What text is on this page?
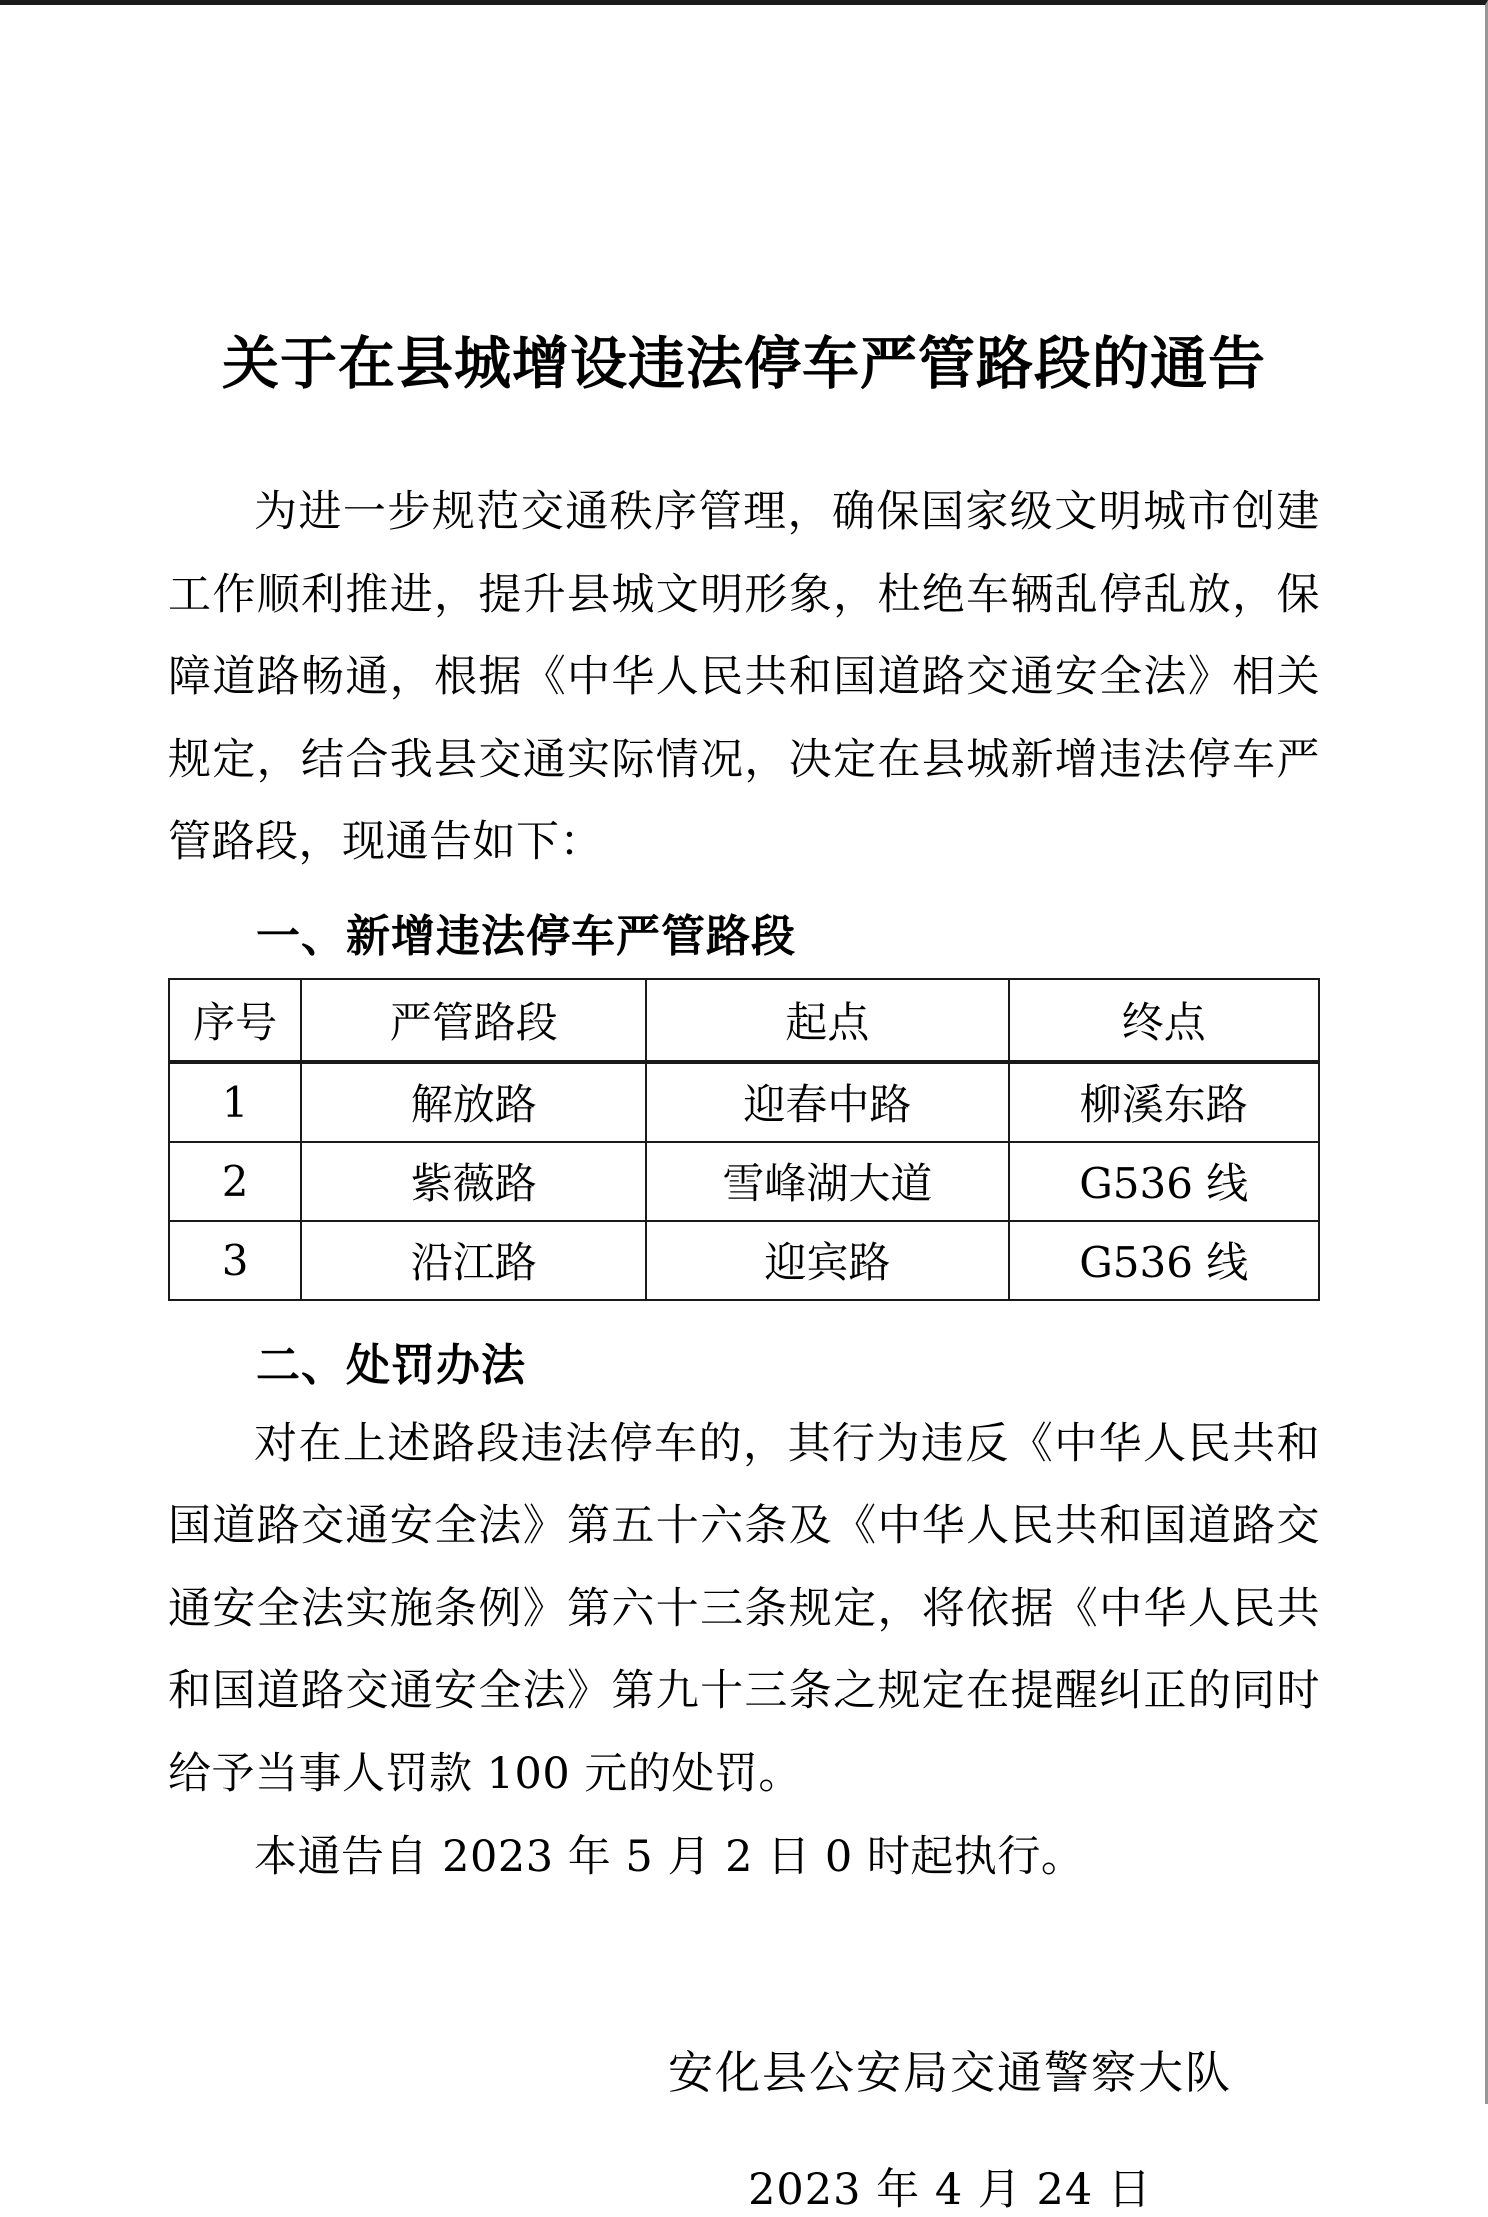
关于在县城增设违法停车严管路段的通告

为进一步规范交通秩序管理，确保国家级文明城市创建工作顺利推进，提升县城文明形象，杜绝车辆乱停乱放，保障道路畅通，根据《中华人民共和国道路交通安全法》相关规定，结合我县交通实际情况，决定在县城新增违法停车严管路段，现通告如下：

一、新增违法停车严管路段
序号	严管路段	起点	终点
1	解放路	迎春中路	柳溪东路
2	紫薇路	雪峰湖大道	G536 线
3	沿江路	迎宾路	G536 线
二、处罚办法

对在上述路段违法停车的，其行为违反《中华人民共和国道路交通安全法》第五十六条及《中华人民共和国道路交通安全法实施条例》第六十三条规定，将依据《中华人民共和国道路交通安全法》第九十三条之规定在提醒纠正的同时给予当事人罚款 100 元的处罚。

本通告自 2023 年 5 月 2 日 0 时起执行。

安化县公安局交通警察大队
2023 年 4 月 24 日
